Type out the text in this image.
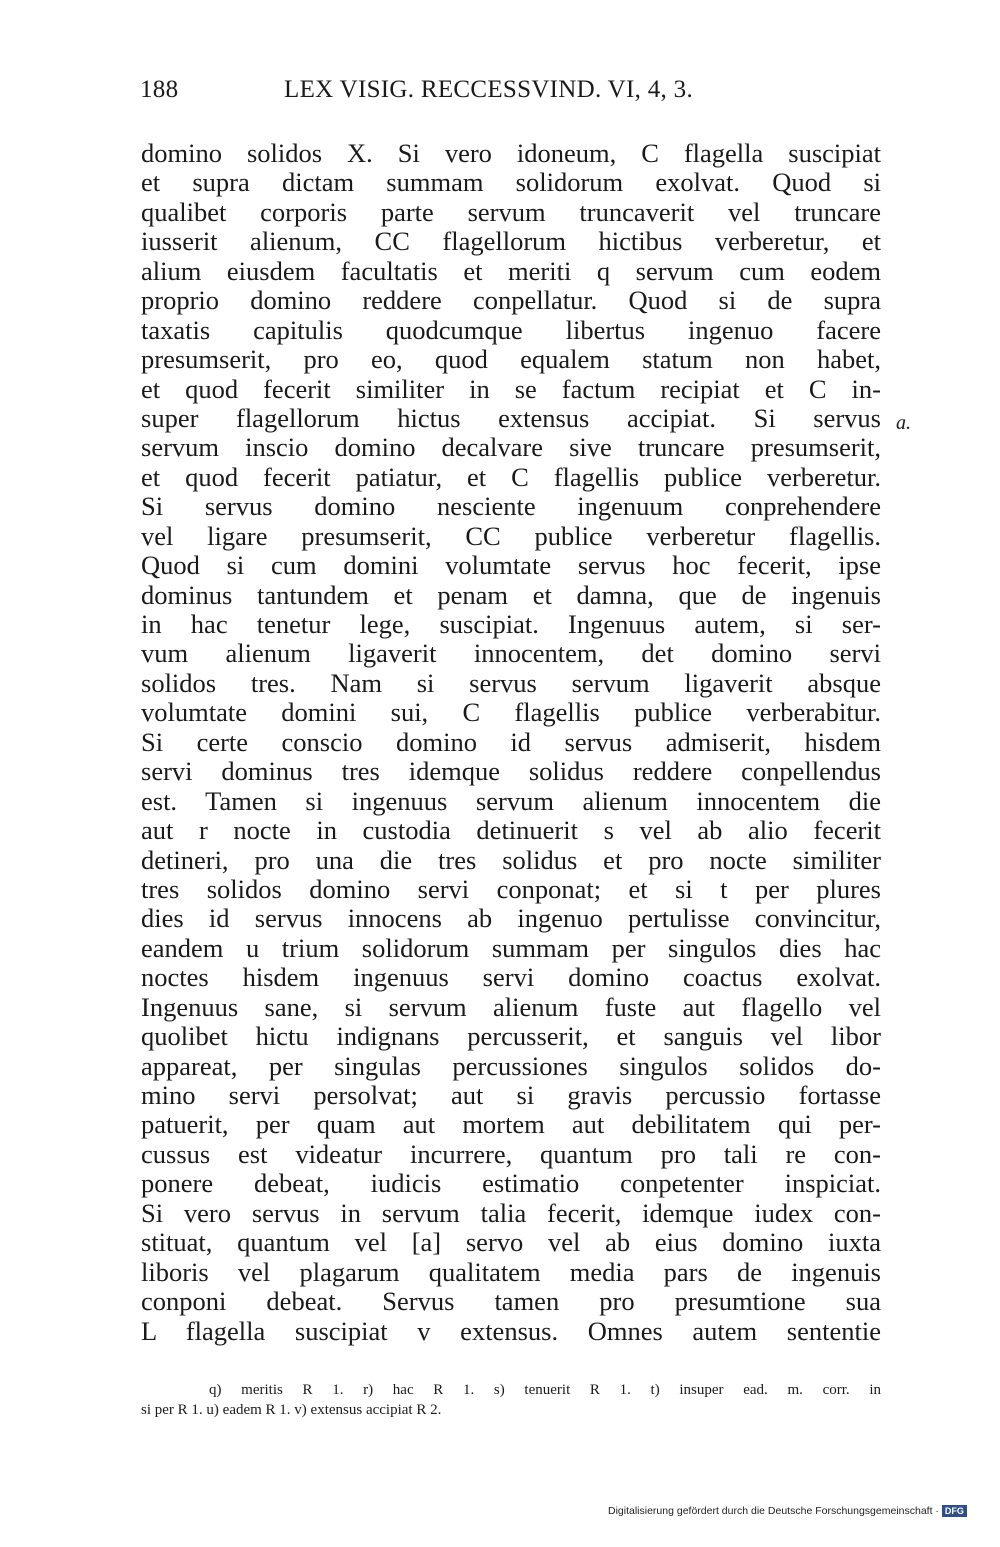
188	LEX VISIG. RECCESSVIND. VI, 4, 3.
domino solidos X. Si vero idoneum, C flagella suscipiat
et supra dictam summam solidorum exolvat. Quod si
qualibet corporis parte servum truncaverit vel truncare
iusserit alienum, CC flagellorum hictibus verberetur, et
alium eiusdem facultatis et meriti q servum cum eodem
proprio domino reddere conpellatur. Quod si de supra
taxatis capitulis quodcumque libertus ingenuo facere
presumserit, pro eo, quod equalem statum non habet,
et quod fecerit similiter in se factum recipiat et C in-
super flagellorum hictus extensus accipiat. Si servus
servum inscio domino decalvare sive truncare presumserit,
et quod fecerit patiatur, et C flagellis publice verberetur.
Si servus domino nesciente ingenuum conprehendere
vel ligare presumserit, CC publice verberetur flagellis.
Quod si cum domini volumtate servus hoc fecerit, ipse
dominus tantundem et penam et damna, que de ingenuis
in hac tenetur lege, suscipiat. Ingenuus autem, si ser-
vum alienum ligaverit innocentem, det domino servi
solidos tres. Nam si servus servum ligaverit absque
volumtate domini sui, C flagellis publice verberabitur.
Si certe conscio domino id servus admiserit, hisdem
servi dominus tres idemque solidus reddere conpellendus
est. Tamen si ingenuus servum alienum innocentem die
aut r nocte in custodia detinuerit s vel ab alio fecerit
detineri, pro una die tres solidus et pro nocte similiter
tres solidos domino servi conponat; et si t per plures
dies id servus innocens ab ingenuo pertulisse convincitur,
eandem u trium solidorum summam per singulos dies hac
noctes hisdem ingenuus servi domino coactus exolvat.
Ingenuus sane, si servum alienum fuste aut flagello vel
quolibet hictu indignans percusserit, et sanguis vel libor
appareat, per singulas percussiones singulos solidos do-
mino servi persolvat; aut si gravis percussio fortasse
patuerit, per quam aut mortem aut debilitatem qui per-
cussus est videatur incurrere, quantum pro tali re con-
ponere debeat, iudicis estimatio conpetenter inspiciat.
Si vero servus in servum talia fecerit, idemque iudex con-
stituat, quantum vel [a] servo vel ab eius domino iuxta
liboris vel plagarum qualitatem media pars de ingenuis
conponi debeat. Servus tamen pro presumtione sua
L flagella suscipiat v extensus. Omnes autem sententie
a.
q) meritis R 1. r) hac R 1. s) tenuerit R 1. t) insuper ead. m. corr. in
si per R 1. u) eadem R 1. v) extensus accipiat R 2.
Digitalisierung gefördert durch die Deutsche Forschungsgemeinschaft · DFG
